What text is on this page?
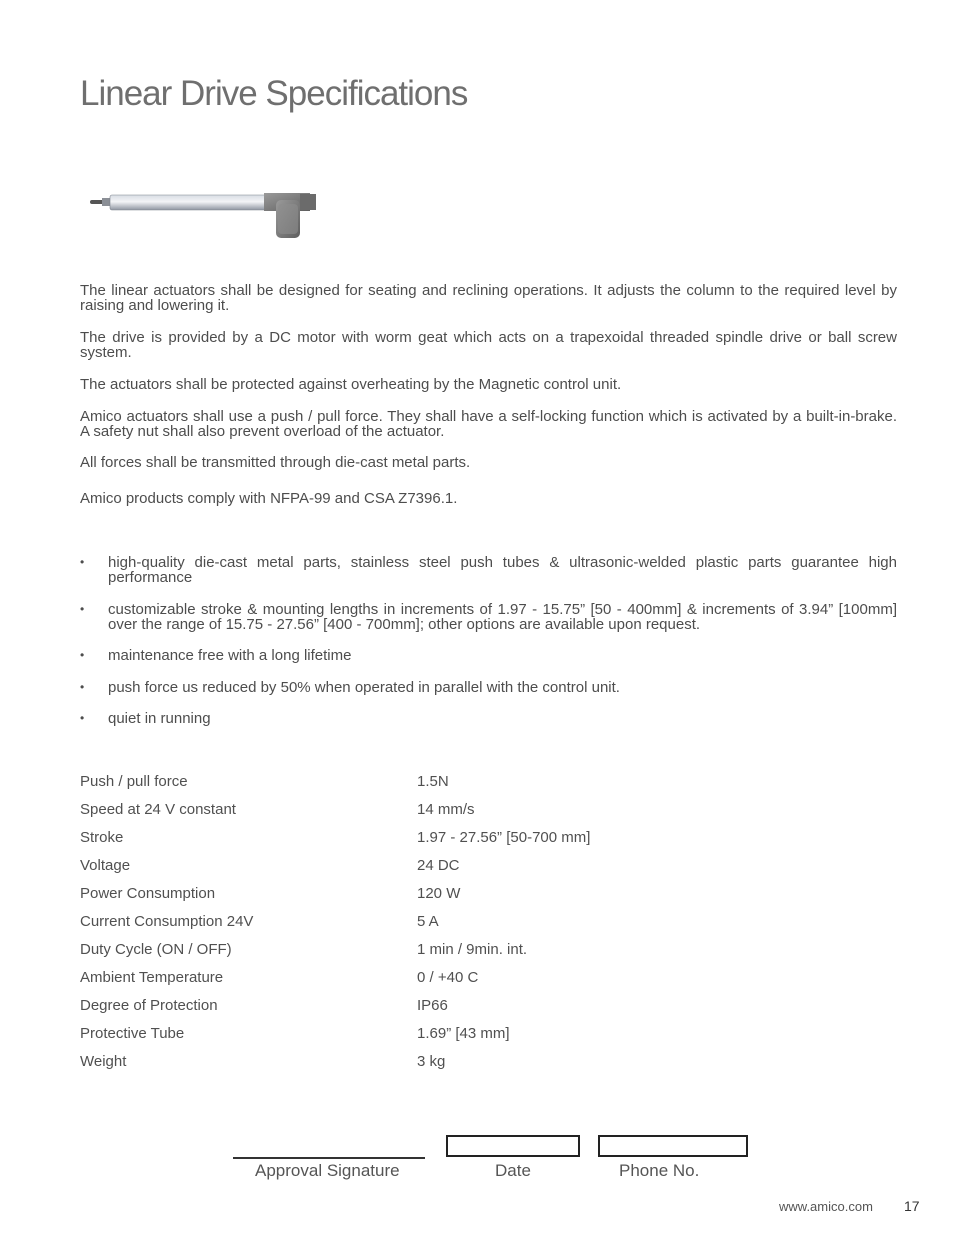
Linear Drive Specifications

The linear actuators shall be designed for seating and reclining operations. It adjusts the column to the required level by raising and lowering it.

The drive is provided by a DC motor with worm geat which acts on a trapexoidal threaded spindle drive or ball screw system.

The actuators shall be protected against overheating by the Magnetic control unit.

Amico actuators shall use a push / pull force. They shall have a self-locking function which is activated by a built-in-brake. A safety nut shall also prevent overload of the actuator.

All forces shall be transmitted through die-cast metal parts.

Amico products comply with NFPA-99 and CSA Z7396.1.

• high-quality die-cast metal parts, stainless steel push tubes & ultrasonic-welded plastic parts guarantee high performance
• customizable stroke & mounting lengths in increments of 1.97 - 15.75” [50 - 400mm] & increments of 3.94” [100mm] over the range of 15.75 - 27.56” [400 - 700mm]; other options are available upon request.
• maintenance free with a long lifetime
• push force us reduced by 50% when operated in parallel with the control unit.
• quiet in running
Push / pull force	1.5N
Speed at 24 V constant	14 mm/s
Stroke	1.97 - 27.56” [50-700 mm]
Voltage	24 DC
Power Consumption	120 W
Current Consumption 24V	5 A
Duty Cycle (ON / OFF)	1 min / 9min. int.
Ambient Temperature	0 / +40 C
Degree of Protection	IP66
Protective Tube	1.69” [43 mm]
Weight	3 kg
Approval Signature	Date	Phone No.
www.amico.com 17
